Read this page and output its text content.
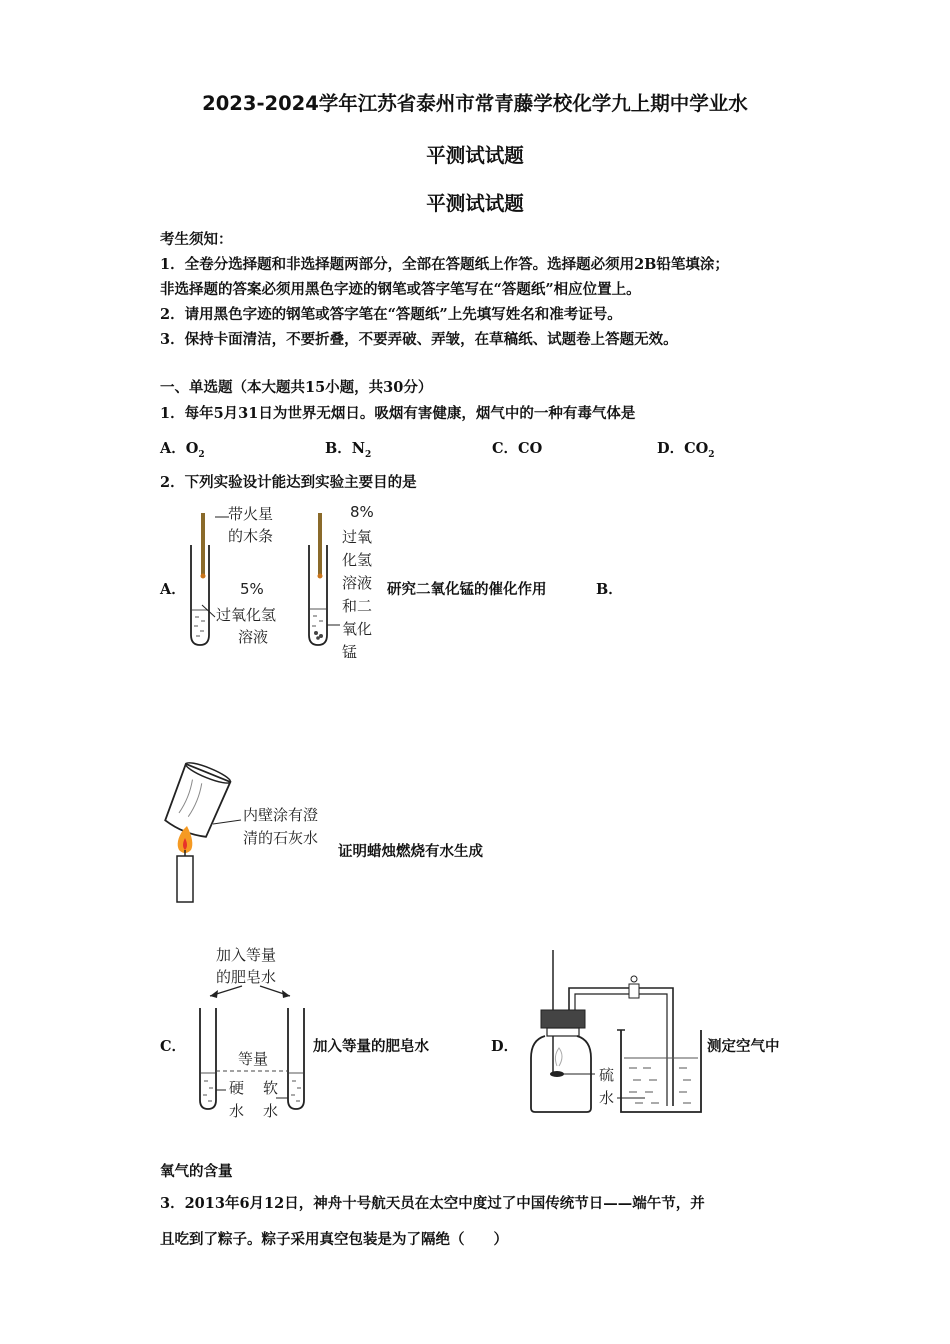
2023-2024学年江苏省泰州市常青藤学校化学九上期中学业水
平测试试题
平测试试题
考生须知：
1．全卷分选择题和非选择题两部分，全部在答题纸上作答。选择题必须用2B铅笔填涂；
非选择题的答案必须用黑色字迹的钢笔或答字笔写在“答题纸”相应位置上。
2．请用黑色字迹的钢笔或答字笔在“答题纸”上先填写姓名和准考证号。
3．保持卡面清洁，不要折叠，不要弄破、弄皱，在草稿纸、试题卷上答题无效。
一、单选题（本大题共15小题，共30分）
1．每年5月31日为世界无烟日。吸烟有害健康，烟气中的一种有毒气体是
A．$O_2$	B．$N_2$	C．CO	D．$CO_2$
2．下列实验设计能达到实验主要目的是
A．
带火星
的木条
5%
过氧化氢
溶液
8%
过氧
化氢
溶液
和二
氧化
锰
研究二氧化锰的催化作用	B．
内壁涂有澄
清的石灰水
证明蜡烛燃烧有水生成
C．
加入等量
的肥皂水
等量
硬
水
软
水
加入等量的肥皂水	D．
硫
水
测定空气中
氧气的含量
3．2013年6月12日，神舟十号航天员在太空中度过了中国传统节日——端午节，并
且吃到了粽子。粽子采用真空包装是为了隔绝（　　）
